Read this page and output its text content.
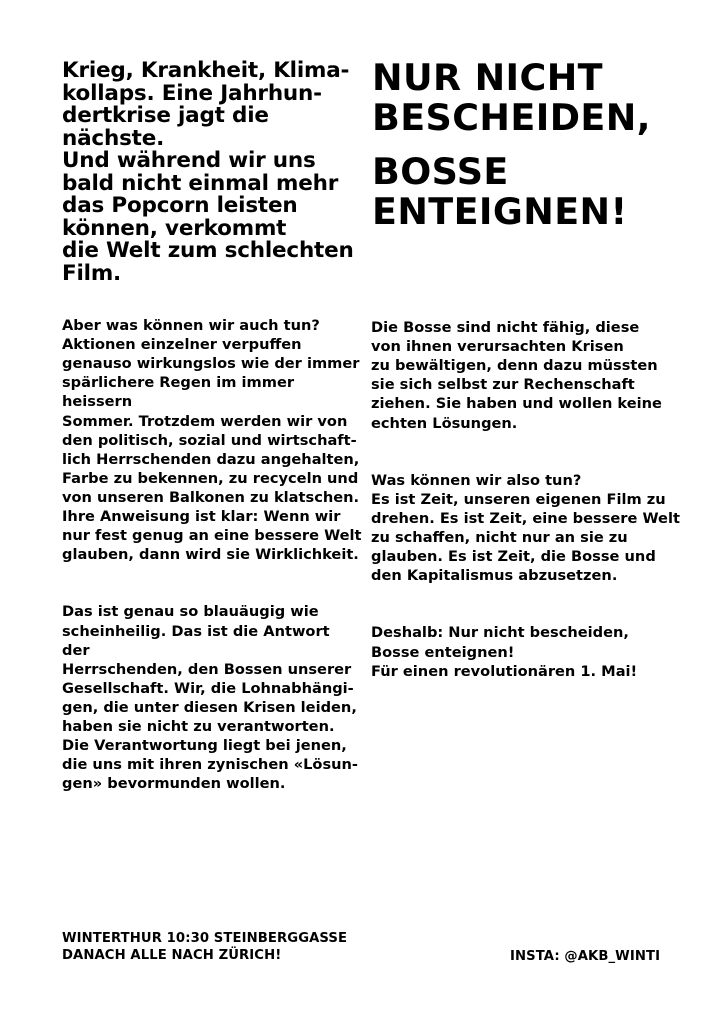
Krieg, Krankheit, Klima-
kollaps. Eine Jahrhun-
dertkrise jagt die nächste.
Und während wir uns
bald nicht einmal mehr
das Popcorn leisten
können, verkommt
die Welt zum schlechten
Film.
NUR NICHT
BESCHEIDEN,
BOSSE
ENTEIGNEN!

Aber was können wir auch tun?
Aktionen einzelner verpuffen
genauso wirkungslos wie der immer
spärlichere Regen im immer heissern
Sommer. Trotzdem werden wir von
den politisch, sozial und wirtschaft-
lich Herrschenden dazu angehalten,
Farbe zu bekennen, zu recyceln und
von unseren Balkonen zu klatschen.
Ihre Anweisung ist klar: Wenn wir
nur fest genug an eine bessere Welt
glauben, dann wird sie Wirklichkeit.

Das ist genau so blauäugig wie
scheinheilig. Das ist die Antwort der
Herrschenden, den Bossen unserer
Gesellschaft. Wir, die Lohnabhängi-
gen, die unter diesen Krisen leiden,
haben sie nicht zu verantworten.
Die Verantwortung liegt bei jenen,
die uns mit ihren zynischen «Lösun-
gen» bevormunden wollen.

Die Bosse sind nicht fähig, diese
von ihnen verursachten Krisen
zu bewältigen, denn dazu müssten
sie sich selbst zur Rechenschaft
ziehen. Sie haben und wollen keine
echten Lösungen.

Was können wir also tun?
Es ist Zeit, unseren eigenen Film zu
drehen. Es ist Zeit, eine bessere Welt
zu schaffen, nicht nur an sie zu
glauben. Es ist Zeit, die Bosse und
den Kapitalismus abzusetzen.

Deshalb: Nur nicht bescheiden,
Bosse enteignen!
Für einen revolutionären 1. Mai!

WINTERTHUR 10:30 STEINBERGGASSE
DANACH ALLE NACH ZÜRICH!	INSTA: @AKB_WINTI
